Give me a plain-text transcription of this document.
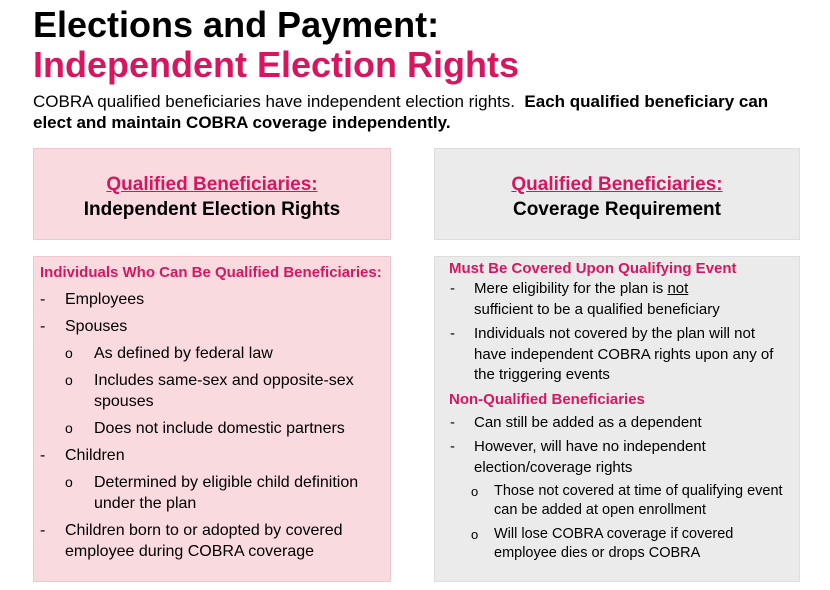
Elections and Payment:
Independent Election Rights
COBRA qualified beneficiaries have independent election rights. Each qualified beneficiary can elect and maintain COBRA coverage independently.
Qualified Beneficiaries:
Independent Election Rights
Qualified Beneficiaries:
Coverage Requirement
Individuals Who Can Be Qualified Beneficiaries:
- Employees
- Spouses
o As defined by federal law
o Includes same-sex and opposite-sex spouses
o Does not include domestic partners
- Children
o Determined by eligible child definition under the plan
- Children born to or adopted by covered employee during COBRA coverage
Must Be Covered Upon Qualifying Event
- Mere eligibility for the plan is not
sufficient to be a qualified beneficiary
- Individuals not covered by the plan will not have independent COBRA rights upon any of the triggering events
Non-Qualified Beneficiaries
- Can still be added as a dependent
- However, will have no independent election/coverage rights
o Those not covered at time of qualifying event can be added at open enrollment
o Will lose COBRA coverage if covered employee dies or drops COBRA
